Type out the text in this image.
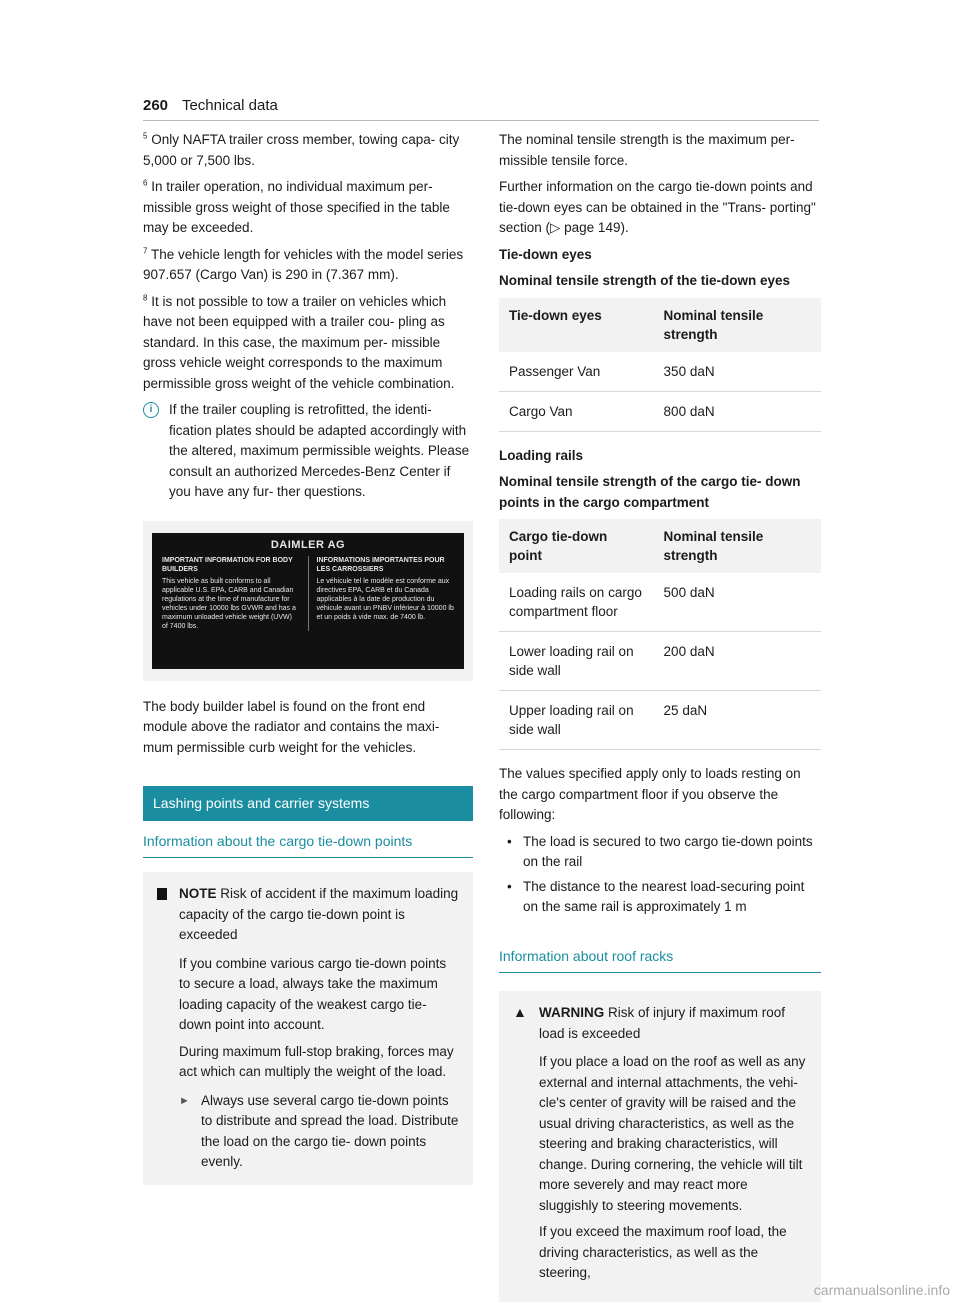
260 Technical data

$^5$ Only NAFTA trailer cross member, towing capa‐ city 5,000 or 7,500 lbs.

$^6$ In trailer operation, no individual maximum per‐ missible gross weight of those specified in the table may be exceeded.

$^7$ The vehicle length for vehicles with the model series 907.657 (Cargo Van) is 290 in (7.367 mm).

$^8$ It is not possible to tow a trailer on vehicles which have not been equipped with a trailer cou‐ pling as standard. In this case, the maximum per‐ missible gross vehicle weight corresponds to the maximum permissible gross weight of the vehicle combination.

i	If the trailer coupling is retrofitted, the identi‐ fication plates should be adapted accordingly with the altered, maximum permissible weights. Please consult an authorized Mercedes-Benz Center if you have any fur‐ ther questions.
DAIMLER AG
IMPORTANT INFORMATION FOR BODY BUILDERS
This vehicle as built conforms to all applicable U.S. EPA, CARB and Canadian regulations at the time of manufacture for vehicles under 10000 lbs GVWR and has a maximum unloaded vehicle weight (UVW) of 7400 lbs.
INFORMATIONS IMPORTANTES POUR LES CARROSSIERS
Le véhicule tel le modèle est conforme aux directives EPA, CARB et du Canada applicables à la date de production du véhicule avant un PNBV inférieur à 10000 lb et un poids à vide max. de 7400 lb.

The body builder label is found on the front end module above the radiator and contains the maxi‐ mum permissible curb weight for the vehicles.

Lashing points and carrier systems
Information about the cargo tie-down points
NOTE Risk of accident if the maximum loading capacity of the cargo tie-down point is exceeded

If you combine various cargo tie-down points to secure a load, always take the maximum loading capacity of the weakest cargo tie- down point into account.

During maximum full-stop braking, forces may act which can multiply the weight of the load.

► Always use several cargo tie-down points to distribute and spread the load. Distribute the load on the cargo tie- down points evenly.

The nominal tensile strength is the maximum per‐ missible tensile force.

Further information on the cargo tie-down points and tie-down eyes can be obtained in the "Trans‐ porting" section (▷ page 149).

Tie-down eyes

Nominal tensile strength of the tie-down eyes

Tie-down eyes	Nominal tensile strength
Passenger Van	350 daN
Cargo Van	800 daN

Loading rails

Nominal tensile strength of the cargo tie- down points in the cargo compartment

Cargo tie-down point	Nominal tensile strength
Loading rails on cargo compartment floor	500 daN
Lower loading rail on side wall	200 daN
Upper loading rail on side wall	25 daN

The values specified apply only to loads resting on the cargo compartment floor if you observe the following:

• The load is secured to two cargo tie-down points on the rail
• The distance to the nearest load-securing point on the same rail is approximately 1 m
Information about roof racks
▲ WARNING Risk of injury if maximum roof load is exceeded

If you place a load on the roof as well as any external and internal attachments, the vehi‐ cle's center of gravity will be raised and the usual driving characteristics, as well as the steering and braking characteristics, will change. During cornering, the vehicle will tilt more severely and may react more sluggishly to steering movements.

If you exceed the maximum roof load, the driving characteristics, as well as the steering,

carmanualsonline.info
